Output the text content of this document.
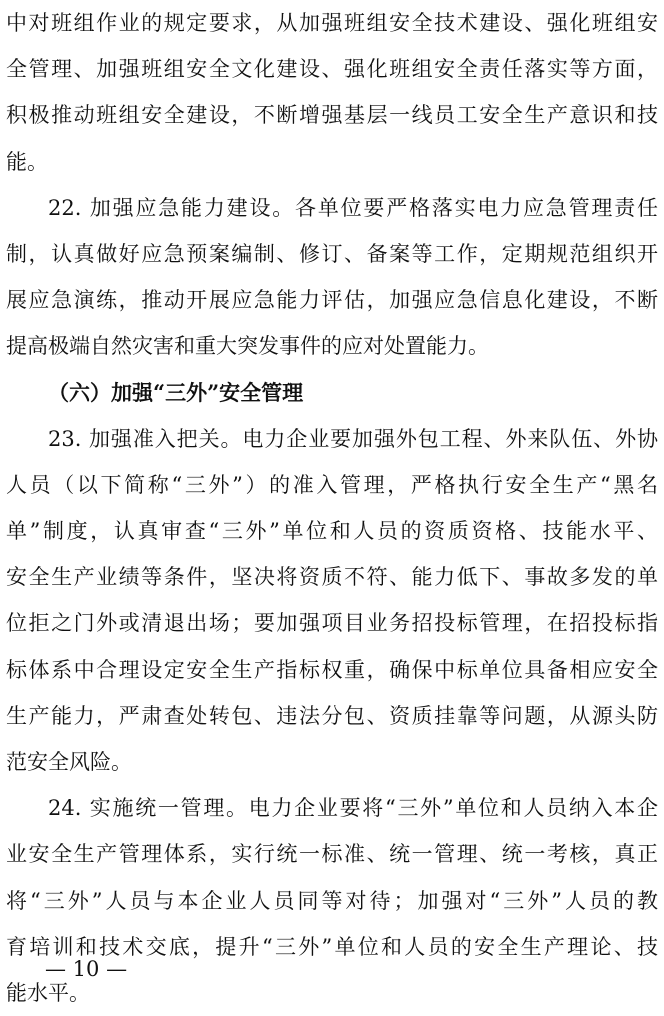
中对班组作业的规定要求，从加强班组安全技术建设、强化班组安
全管理、加强班组安全文化建设、强化班组安全责任落实等方面，
积极推动班组安全建设，不断增强基层一线员工安全生产意识和技
能。
22. 加强应急能力建设。各单位要严格落实电力应急管理责任
制，认真做好应急预案编制、修订、备案等工作，定期规范组织开
展应急演练，推动开展应急能力评估，加强应急信息化建设，不断
提高极端自然灾害和重大突发事件的应对处置能力。
（六）加强“三外”安全管理
23. 加强准入把关。电力企业要加强外包工程、外来队伍、外协
人员（以下简称“三外”）的准入管理，严格执行安全生产“黑名
单”制度，认真审查“三外”单位和人员的资质资格、技能水平、
安全生产业绩等条件，坚决将资质不符、能力低下、事故多发的单
位拒之门外或清退出场；要加强项目业务招投标管理，在招投标指
标体系中合理设定安全生产指标权重，确保中标单位具备相应安全
生产能力，严肃查处转包、违法分包、资质挂靠等问题，从源头防
范安全风险。
24. 实施统一管理。电力企业要将“三外”单位和人员纳入本企
业安全生产管理体系，实行统一标准、统一管理、统一考核，真正
将“三外”人员与本企业人员同等对待；加强对“三外”人员的教
育培训和技术交底，提升“三外”单位和人员的安全生产理论、技
能水平。
— 10 —
